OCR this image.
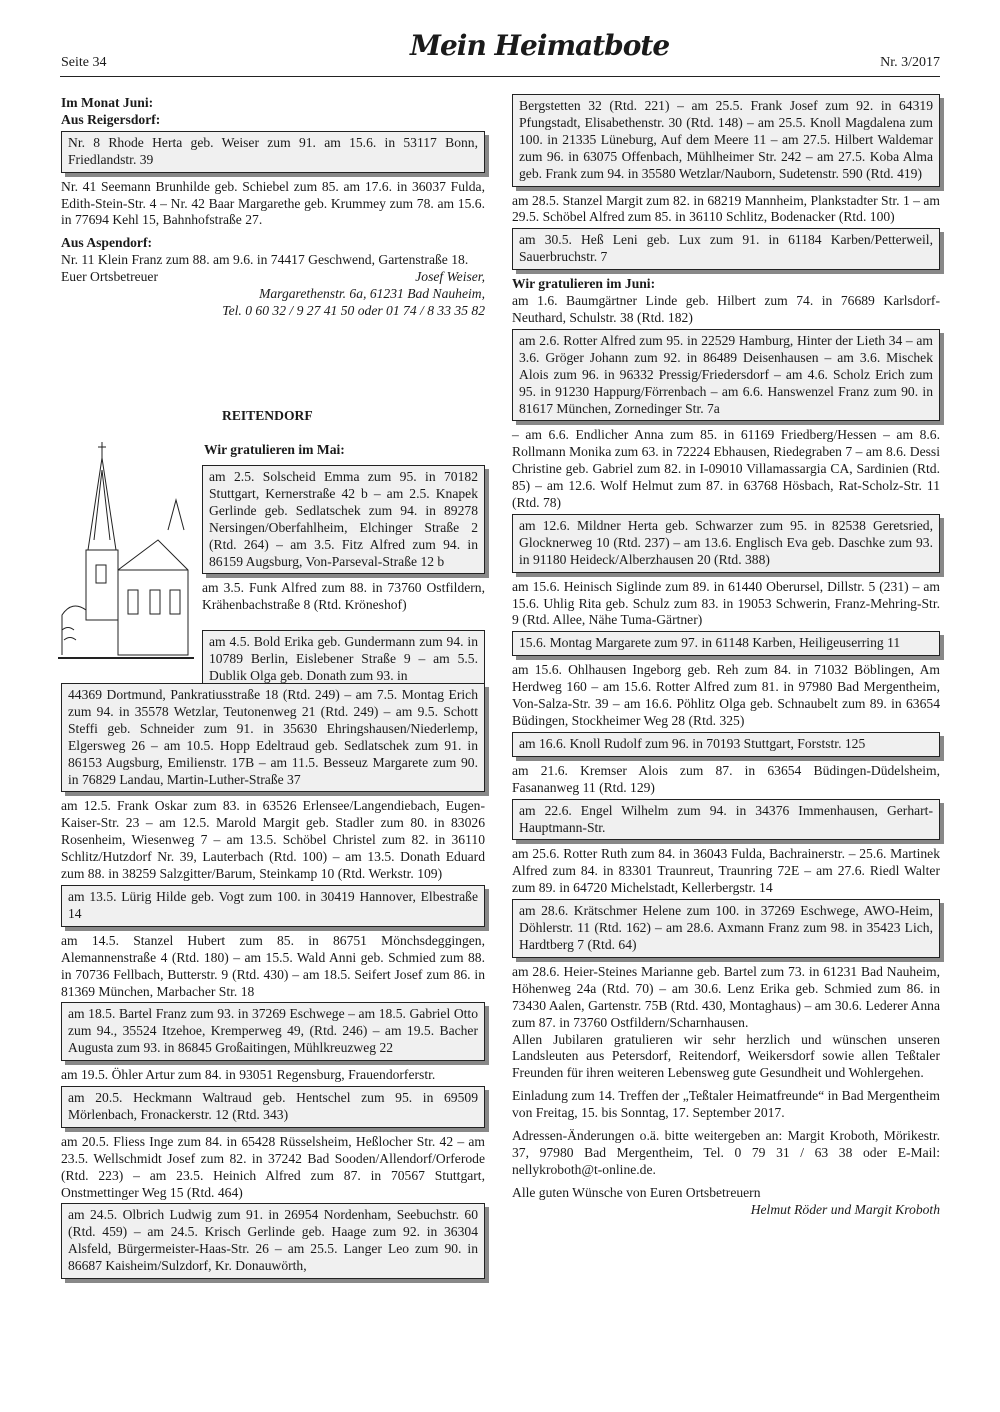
Seite 34
Mein Heimatbote
Nr. 3/2017

Im Monat Juni:

Aus Reigersdorf:

Nr. 8 Rhode Herta geb. Weiser zum 91. am 15.6. in 53117 Bonn, Friedlandstr. 39

Nr. 41 Seemann Brunhilde geb. Schiebel zum 85. am 17.6. in 36037 Fulda, Edith-Stein-Str. 4 – Nr. 42 Baar Margarethe geb. Krummey zum 78. am 15.6. in 77694 Kehl 15, Bahnhofstraße 27.

Aus Aspendorf:

Nr. 11 Klein Franz zum 88. am 9.6. in 74417 Geschwend, Gartenstraße 18.

Euer Ortsbetreuer	Josef Weiser,

Margarethenstr. 6a, 61231 Bad Nauheim,

Tel. 0 60 32 / 9 27 41 50 oder 01 74 / 8 33 35 82

REITENDORF
Wir gratulieren im Mai:
am 2.5. Solscheid Emma zum 95. in 70182 Stuttgart, Kernerstraße 42 b – am 2.5. Knapek Gerlinde geb. Sedlatschek zum 94. in 89278 Nersingen/Oberfahlheim, Elchinger Straße 2 (Rtd. 264) – am 3.5. Fitz Alfred zum 94. in 86159 Augsburg, Von-Parseval-Straße 12 b

am 3.5. Funk Alfred zum 88. in 73760 Ostfildern, Krähenbachstraße 8 (Rtd. Kröneshof)

am 4.5. Bold Erika geb. Gundermann zum 94. in 10789 Berlin, Eislebener Straße 9 – am 5.5. Dublik Olga geb. Donath zum 93. in
44369 Dortmund, Pankratiusstraße 18 (Rtd. 249) – am 7.5. Montag Erich zum 94. in 35578 Wetzlar, Teutonenweg 21 (Rtd. 249) – am 9.5. Schott Steffi geb. Schneider zum 91. in 35630 Ehringshausen/Niederlemp, Elgersweg 26 – am 10.5. Hopp Edeltraud geb. Sedlatschek zum 91. in 86153 Augsburg, Emilienstr. 17B – am 11.5. Besseuz Margarete zum 90. in 76829 Landau, Martin-Luther-Straße 37

am 12.5. Frank Oskar zum 83. in 63526 Erlensee/Langendiebach, Eugen-Kaiser-Str. 23 – am 12.5. Marold Margit geb. Stadler zum 80. in 83026 Rosenheim, Wiesenweg 7 – am 13.5. Schöbel Christel zum 82. in 36110 Schlitz/Hutzdorf Nr. 39, Lauterbach (Rtd. 100) – am 13.5. Donath Eduard zum 88. in 38259 Salzgitter/Barum, Steinkamp 10 (Rtd. Werkstr. 109)

am 13.5. Lürig Hilde geb. Vogt zum 100. in 30419 Hannover, Elbestraße 14

am 14.5. Stanzel Hubert zum 85. in 86751 Mönchsdeggingen, Alemannenstraße 4 (Rtd. 180) – am 15.5. Wald Anni geb. Schmied zum 88. in 70736 Fellbach, Butterstr. 9 (Rtd. 430) – am 18.5. Seifert Josef zum 86. in 81369 München, Marbacher Str. 18

am 18.5. Bartel Franz zum 93. in 37269 Eschwege – am 18.5. Gabriel Otto zum 94., 35524 Itzehoe, Kremperweg 49, (Rtd. 246) – am 19.5. Bacher Augusta zum 93. in 86845 Großaitingen, Mühlkreuzweg 22

am 19.5. Öhler Artur zum 84. in 93051 Regensburg, Frauendorferstr.

am 20.5. Heckmann Waltraud geb. Hentschel zum 95. in 69509 Mörlenbach, Fronackerstr. 12 (Rtd. 343)

am 20.5. Fliess Inge zum 84. in 65428 Rüsselsheim, Heßlocher Str. 42 – am 23.5. Wellschmidt Josef zum 82. in 37242 Bad Sooden/Allendorf/Orferode (Rtd. 223) – am 23.5. Heinich Alfred zum 87. in 70567 Stuttgart, Onstmettinger Weg 15 (Rtd. 464)

am 24.5. Olbrich Ludwig zum 91. in 26954 Nordenham, Seebuchstr. 60 (Rtd. 459) – am 24.5. Krisch Gerlinde geb. Haage zum 92. in 36304 Alsfeld, Bürgermeister-Haas-Str. 26 – am 25.5. Langer Leo zum 90. in 86687 Kaisheim/Sulzdorf, Kr. Donauwörth,
Bergstetten 32 (Rtd. 221) – am 25.5. Frank Josef zum 92. in 64319 Pfungstadt, Elisabethenstr. 30 (Rtd. 148) – am 25.5. Knoll Magdalena zum 100. in 21335 Lüneburg, Auf dem Meere 11 – am 27.5. Hilbert Waldemar zum 96. in 63075 Offenbach, Mühlheimer Str. 242 – am 27.5. Koba Alma geb. Frank zum 94. in 35580 Wetzlar/Nauborn, Sudetenstr. 590 (Rtd. 419)

am 28.5. Stanzel Margit zum 82. in 68219 Mannheim, Plankstadter Str. 1 – am 29.5. Schöbel Alfred zum 85. in 36110 Schlitz, Bodenacker (Rtd. 100)

am 30.5. Heß Leni geb. Lux zum 91. in 61184 Karben/Petterweil, Sauerbruchstr. 7

Wir gratulieren im Juni:

am 1.6. Baumgärtner Linde geb. Hilbert zum 74. in 76689 Karlsdorf-Neuthard, Schulstr. 38 (Rtd. 182)

am 2.6. Rotter Alfred zum 95. in 22529 Hamburg, Hinter der Lieth 34 – am 3.6. Gröger Johann zum 92. in 86489 Deisenhausen – am 3.6. Mischek Alois zum 96. in 96332 Pressig/Friedersdorf – am 4.6. Scholz Erich zum 95. in 91230 Happurg/Förrenbach – am 6.6. Hanswenzel Franz zum 90. in 81617 München, Zornedinger Str. 7a

– am 6.6. Endlicher Anna zum 85. in 61169 Friedberg/Hessen – am 8.6. Rollmann Monika zum 63. in 72224 Ebhausen, Riedegraben 7 – am 8.6. Dessi Christine geb. Gabriel zum 82. in I-09010 Villamassargia CA, Sardinien (Rtd. 85) – am 12.6. Wolf Helmut zum 87. in 63768 Hösbach, Rat-Scholz-Str. 11 (Rtd. 78)

am 12.6. Mildner Herta geb. Schwarzer zum 95. in 82538 Geretsried, Glocknerweg 10 (Rtd. 237) – am 13.6. Englisch Eva geb. Daschke zum 93. in 91180 Heideck/Alberzhausen 20 (Rtd. 388)

am 15.6. Heinisch Siglinde zum 89. in 61440 Oberursel, Dillstr. 5 (231) – am 15.6. Uhlig Rita geb. Schulz zum 83. in 19053 Schwerin, Franz-Mehring-Str. 9 (Rtd. Allee, Nähe Tuma-Gärtner)

15.6. Montag Margarete zum 97. in 61148 Karben, Heiligeuserring 11

am 15.6. Ohlhausen Ingeborg geb. Reh zum 84. in 71032 Böblingen, Am Herdweg 160 – am 15.6. Rotter Alfred zum 81. in 97980 Bad Mergentheim, Von-Salza-Str. 39 – am 16.6. Pöhlitz Olga geb. Schnaubelt zum 89. in 63654 Büdingen, Stockheimer Weg 28 (Rtd. 325)

am 16.6. Knoll Rudolf zum 96. in 70193 Stuttgart, Forststr. 125

am 21.6. Kremser Alois zum 87. in 63654 Büdingen-Düdelsheim, Fasananweg 11 (Rtd. 129)

am 22.6. Engel Wilhelm zum 94. in 34376 Immenhausen, Gerhart-Hauptmann-Str.

am 25.6. Rotter Ruth zum 84. in 36043 Fulda, Bachrainerstr. – 25.6. Martinek Alfred zum 84. in 83301 Traunreut, Traunring 72E – am 27.6. Riedl Walter zum 89. in 64720 Michelstadt, Kellerbergstr. 14

am 28.6. Krätschmer Helene zum 100. in 37269 Eschwege, AWO-Heim, Döhlerstr. 11 (Rtd. 162) – am 28.6. Axmann Franz zum 98. in 35423 Lich, Hardtberg 7 (Rtd. 64)

am 28.6. Heier-Steines Marianne geb. Bartel zum 73. in 61231 Bad Nauheim, Höhenweg 24a (Rtd. 70) – am 30.6. Lenz Erika geb. Schmied zum 86. in 73430 Aalen, Gartenstr. 75B (Rtd. 430, Montaghaus) – am 30.6. Lederer Anna zum 87. in 73760 Ostfildern/Scharnhausen.

Allen Jubilaren gratulieren wir sehr herzlich und wünschen unseren Landsleuten aus Petersdorf, Reitendorf, Weikersdorf sowie allen Teßtaler Freunden für ihren weiteren Lebensweg gute Gesundheit und Wohlergehen.

Einladung zum 14. Treffen der „Teßtaler Heimatfreunde“ in Bad Mergentheim von Freitag, 15. bis Sonntag, 17. September 2017.

Adressen-Änderungen o.ä. bitte weitergeben an: Margit Kroboth, Mörikestr. 37, 97980 Bad Mergentheim, Tel. 0 79 31 / 63 38 oder E-Mail: nellykroboth@t-online.de.

Alle guten Wünsche von Euren Ortsbetreuern

Helmut Röder und Margit Kroboth
